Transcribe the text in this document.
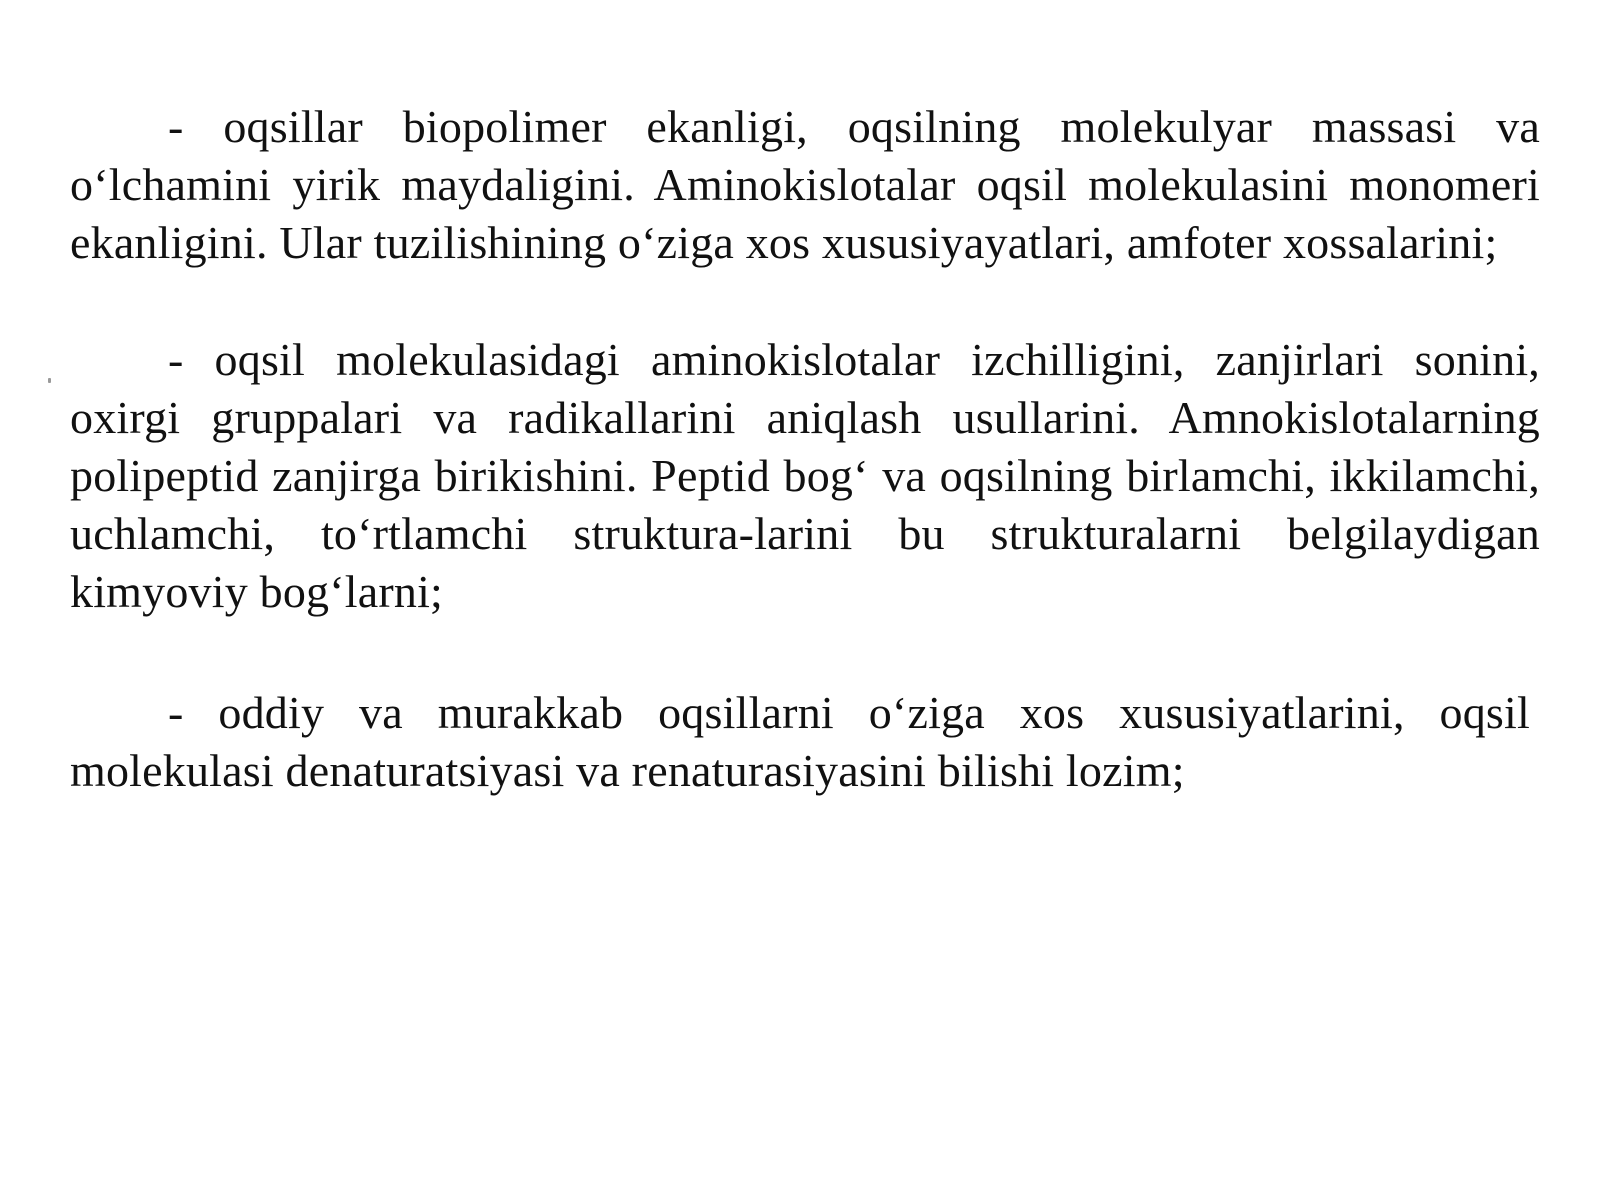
- oqsillar biopolimer ekanligi, oqsilning molekulyar massasi va o‘lchamini yirik maydaligini. Aminokislotalar oqsil molekulasini monomeri ekanligini. Ular tuzilishining o‘ziga xos xususiyayatlari, amfoter xossalarini;

- oqsil molekulasidagi aminokislotalar izchilligini, zanjirlari sonini, oxirgi gruppalari va radikallarini aniqlash usullarini. Amnokislotalarning polipeptid zanjirga birikishini. Peptid bog‘ va oqsilning birlamchi, ikkilamchi, uchlamchi, to‘rtlamchi struktura-larini bu strukturalarni belgilaydigan kimyoviy bog‘larni;

- oddiy va murakkab oqsillarni o‘ziga xos xususiyatlarini, oqsil molekulasi denaturatsiyasi va renaturasiyasini bilishi lozim;
